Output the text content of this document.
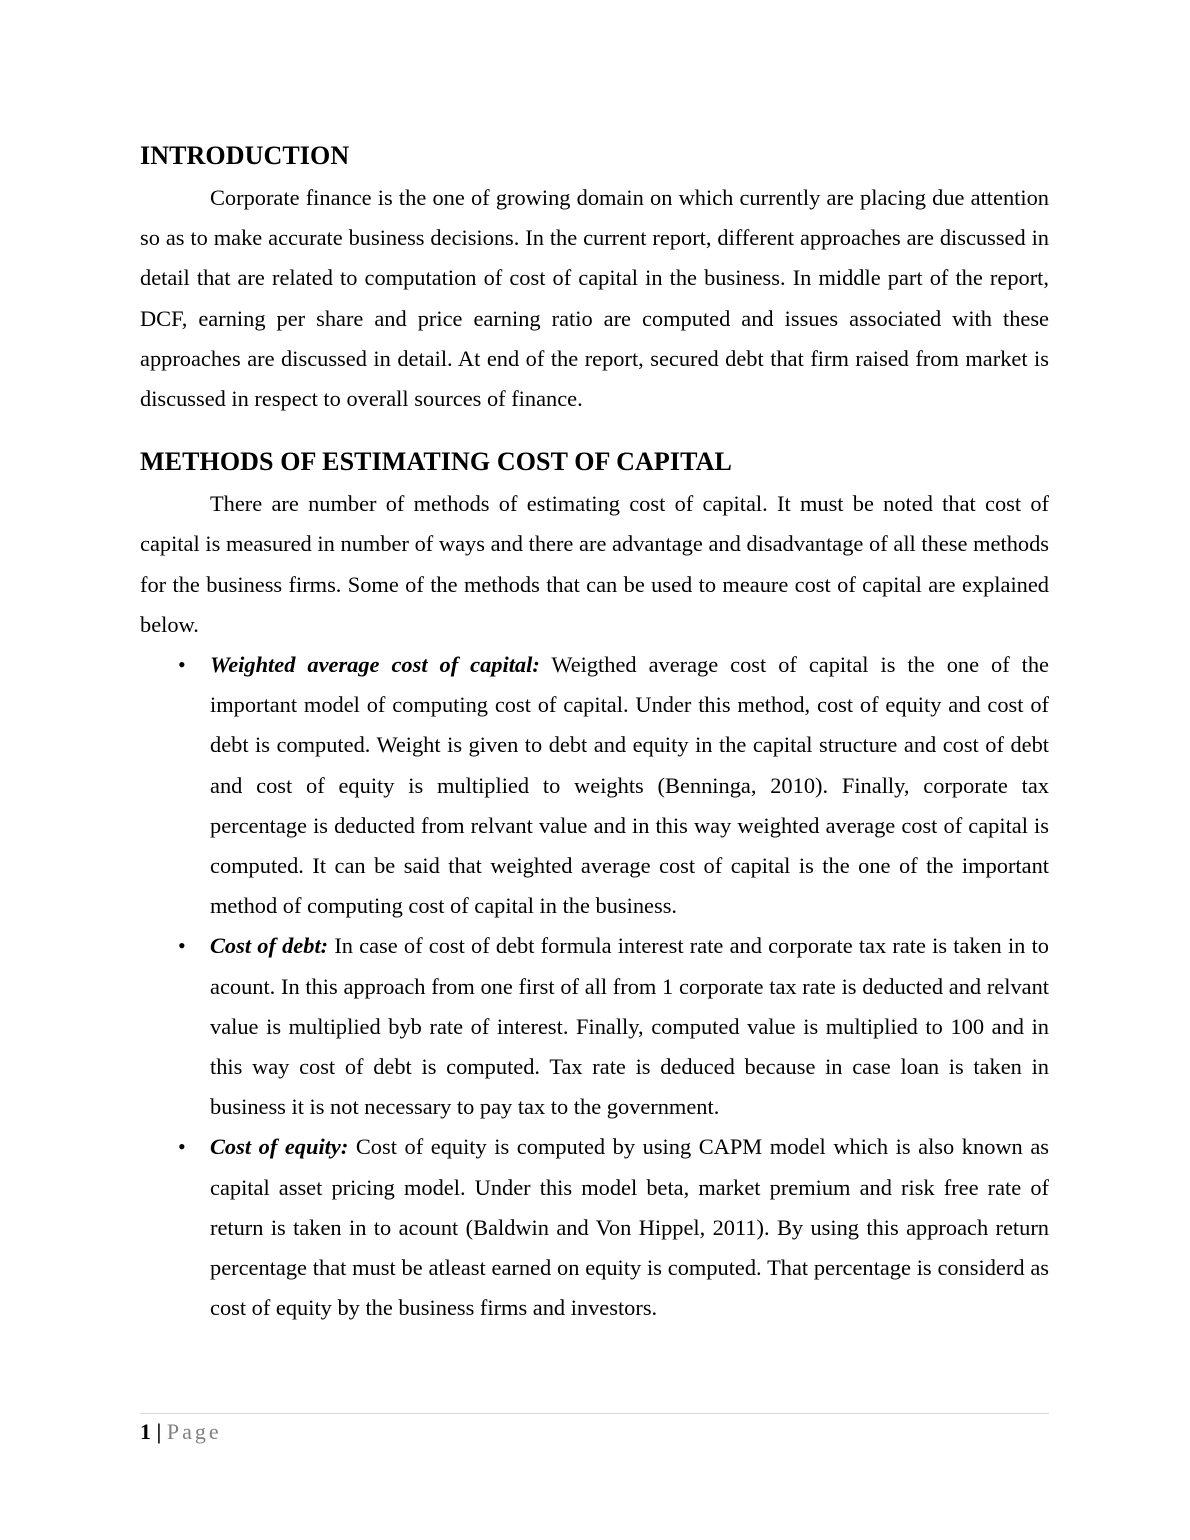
INTRODUCTION

Corporate finance is the one of growing domain on which currently are placing due attention so as to make accurate business decisions. In the current report, different approaches are discussed in detail that are related to computation of cost of capital in the business. In middle part of the report, DCF, earning per share and price earning ratio are computed and issues associated with these approaches are discussed in detail. At end of the report, secured debt that firm raised from market is discussed in respect to overall sources of finance.

METHODS OF ESTIMATING COST OF CAPITAL

There are number of methods of estimating cost of capital. It must be noted that cost of capital is measured in number of ways and there are advantage and disadvantage of all these methods for the business firms. Some of the methods that can be used to meaure cost of capital are explained below.

• Weighted average cost of capital: Weigthed average cost of capital is the one of the important model of computing cost of capital. Under this method, cost of equity and cost of debt is computed. Weight is given to debt and equity in the capital structure and cost of debt and cost of equity is multiplied to weights (Benninga, 2010). Finally, corporate tax percentage is deducted from relvant value and in this way weighted average cost of capital is computed. It can be said that weighted average cost of capital is the one of the important method of computing cost of capital in the business.
• Cost of debt: In case of cost of debt formula interest rate and corporate tax rate is taken in to acount. In this approach from one first of all from 1 corporate tax rate is deducted and relvant value is multiplied byb rate of interest. Finally, computed value is multiplied to 100 and in this way cost of debt is computed. Tax rate is deduced because in case loan is taken in business it is not necessary to pay tax to the government.
• Cost of equity: Cost of equity is computed by using CAPM model which is also known as capital asset pricing model. Under this model beta, market premium and risk free rate of return is taken in to acount (Baldwin and Von Hippel, 2011). By using this approach return percentage that must be atleast earned on equity is computed. That percentage is considerd as cost of equity by the business firms and investors.
1 | Page
